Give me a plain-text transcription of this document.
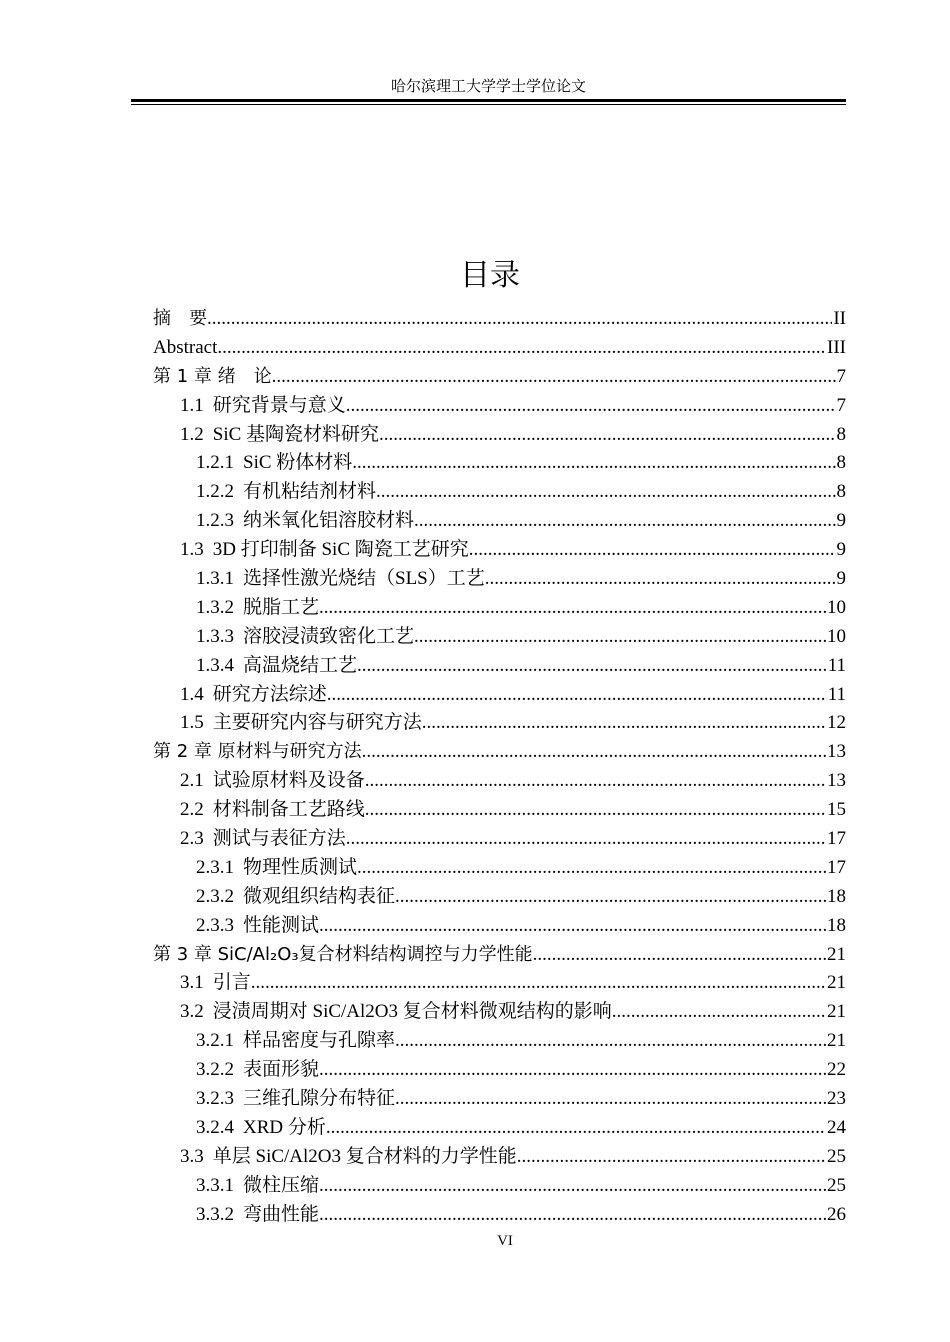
哈尔滨理工大学学士学位论文
目录
摘　要 .....	II
Abstract .....	III
第 1 章 绪　论 .....	7
1.1 研究背景与意义 .....	7
1.2 SiC 基陶瓷材料研究 .....	8
1.2.1 SiC 粉体材料 .....	8
1.2.2 有机粘结剂材料 .....	8
1.2.3 纳米氧化铝溶胶材料 .....	9
1.3 3D 打印制备 SiC 陶瓷工艺研究 .....	9
1.3.1 选择性激光烧结（SLS）工艺 .....	9
1.3.2 脱脂工艺 .....	10
1.3.3 溶胶浸渍致密化工艺 .....	10
1.3.4 高温烧结工艺 .....	11
1.4 研究方法综述 .....	11
1.5 主要研究内容与研究方法 .....	12
第 2 章 原材料与研究方法 .....	13
2.1 试验原材料及设备 .....	13
2.2 材料制备工艺路线 .....	15
2.3 测试与表征方法 .....	17
2.3.1 物理性质测试 .....	17
2.3.2 微观组织结构表征 .....	18
2.3.3 性能测试 .....	18
第 3 章 SiC/Al₂O₃复合材料结构调控与力学性能 .....	21
3.1 引言 .....	21
3.2 浸渍周期对 SiC/Al2O3 复合材料微观结构的影响 .....	21
3.2.1 样品密度与孔隙率 .....	21
3.2.2 表面形貌 .....	22
3.2.3 三维孔隙分布特征 .....	23
3.2.4 XRD 分析 .....	24
3.3 单层 SiC/Al2O3 复合材料的力学性能 .....	25
3.3.1 微柱压缩 .....	25
3.3.2 弯曲性能 .....	26
VI
